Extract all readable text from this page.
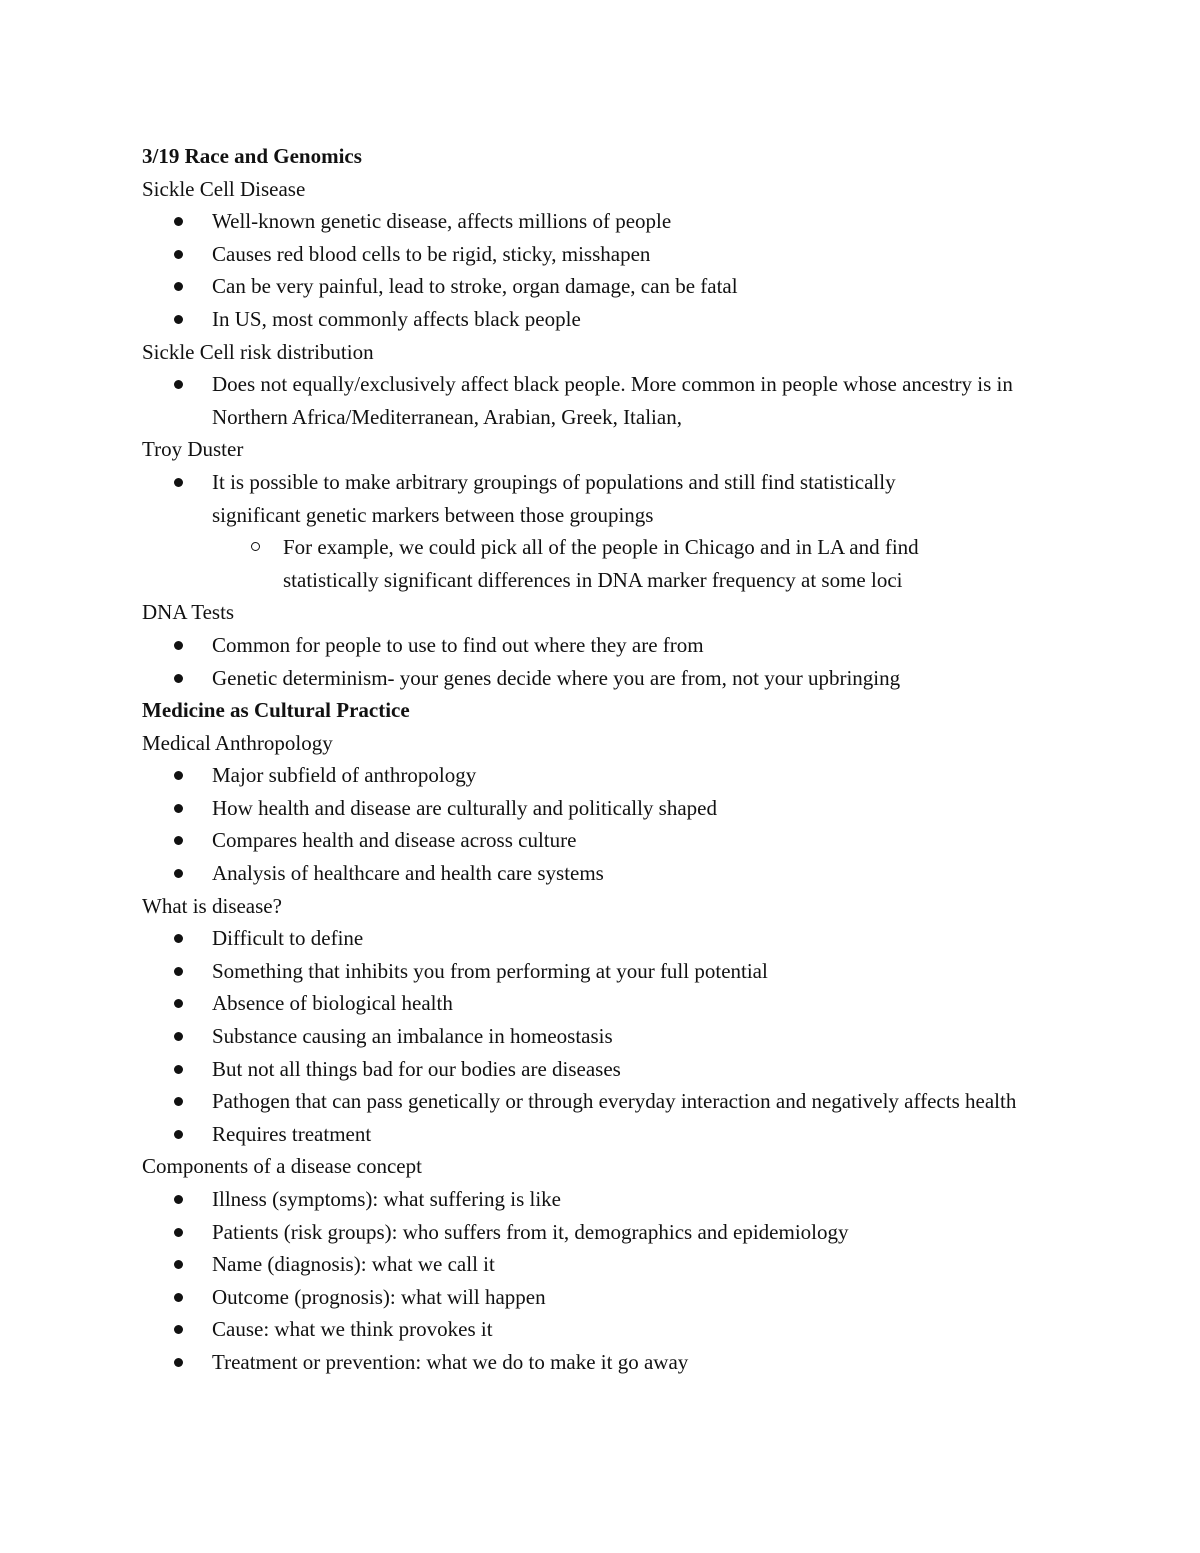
3/19 Race and Genomics

Sickle Cell Disease

Well-known genetic disease, affects millions of people
Causes red blood cells to be rigid, sticky, misshapen
Can be very painful, lead to stroke, organ damage, can be fatal
In US, most commonly affects black people

Sickle Cell risk distribution

Does not equally/exclusively affect black people. More common in people whose ancestry is in Northern Africa/Mediterranean, Arabian, Greek, Italian,

Troy Duster

It is possible to make arbitrary groupings of populations and still find statistically significant genetic markers between those groupings
For example, we could pick all of the people in Chicago and in LA and find statistically significant differences in DNA marker frequency at some loci

DNA Tests

Common for people to use to find out where they are from
Genetic determinism- your genes decide where you are from, not your upbringing

Medicine as Cultural Practice

Medical Anthropology

Major subfield of anthropology
How health and disease are culturally and politically shaped
Compares health and disease across culture
Analysis of healthcare and health care systems

What is disease?

Difficult to define
Something that inhibits you from performing at your full potential
Absence of biological health
Substance causing an imbalance in homeostasis
But not all things bad for our bodies are diseases
Pathogen that can pass genetically or through everyday interaction and negatively affects health
Requires treatment

Components of a disease concept

Illness (symptoms): what suffering is like
Patients (risk groups): who suffers from it, demographics and epidemiology
Name (diagnosis): what we call it
Outcome (prognosis): what will happen
Cause: what we think provokes it
Treatment or prevention: what we do to make it go away
